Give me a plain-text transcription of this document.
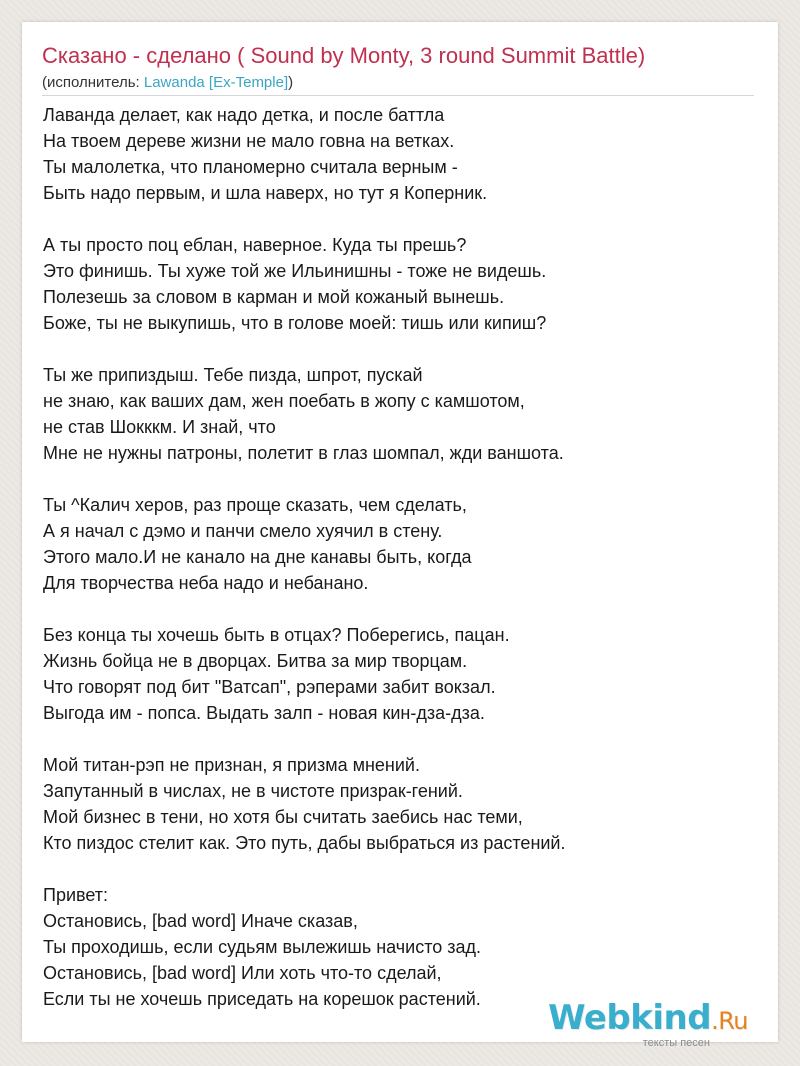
Сказано - сделано ( Sound by Monty, 3 round Summit Battle)
(исполнитель: Lawanda [Ex-Temple])
Лаванда делает, как надо детка, и после баттла
На твоем дереве жизни не мало говна на ветках.
Ты малолетка, что планомерно считала верным -
Быть надо первым, и шла наверх, но тут я Коперник.
А ты просто поц еблан, наверное. Куда ты прешь?
Это финишь. Ты хуже той же Ильинишны - тоже не видешь.
Полезешь за словом в карман и мой кожаный вынешь.
Боже, ты не выкупишь, что в голове моей: тишь или кипиш?
Ты же припиздыш. Тебе пизда, шпрот, пускай
не знаю, как ваших дам, жен поебать в жопу с камшотом,
не став Шокккм. И знай, что
Мне не нужны патроны, полетит в глаз шомпал, жди ваншота.
Ты ^Калич херов, раз проще сказать, чем сделать,
А я начал с дэмо и панчи смело хуячил в стену.
Этого мало.И не канало на дне канавы быть, когда
Для творчества неба надо и небанано.
Без конца ты хочешь быть в отцах? Поберегись, пацан.
Жизнь бойца не в дворцах. Битва за мир творцам.
Что говорят под бит "Ватсап", рэперами забит вокзал.
Выгода им - попса. Выдать залп - новая кин-дза-дза.
Мой титан-рэп не признан, я призма мнений.
Запутанный в числах, не в чистоте призрак-гений.
Мой бизнес в тени, но хотя бы считать заебись нас теми,
Кто пиздос стелит как. Это путь, дабы выбраться из растений.
Привет:
Остановись, [bad word] Иначе сказав,
Ты проходишь, если судьям вылежишь начисто зад.
Остановись, [bad word] Или хоть что-то сделай,
Если ты не хочешь приседать на корешок растений.	Webkind.Ru
тексты песен
